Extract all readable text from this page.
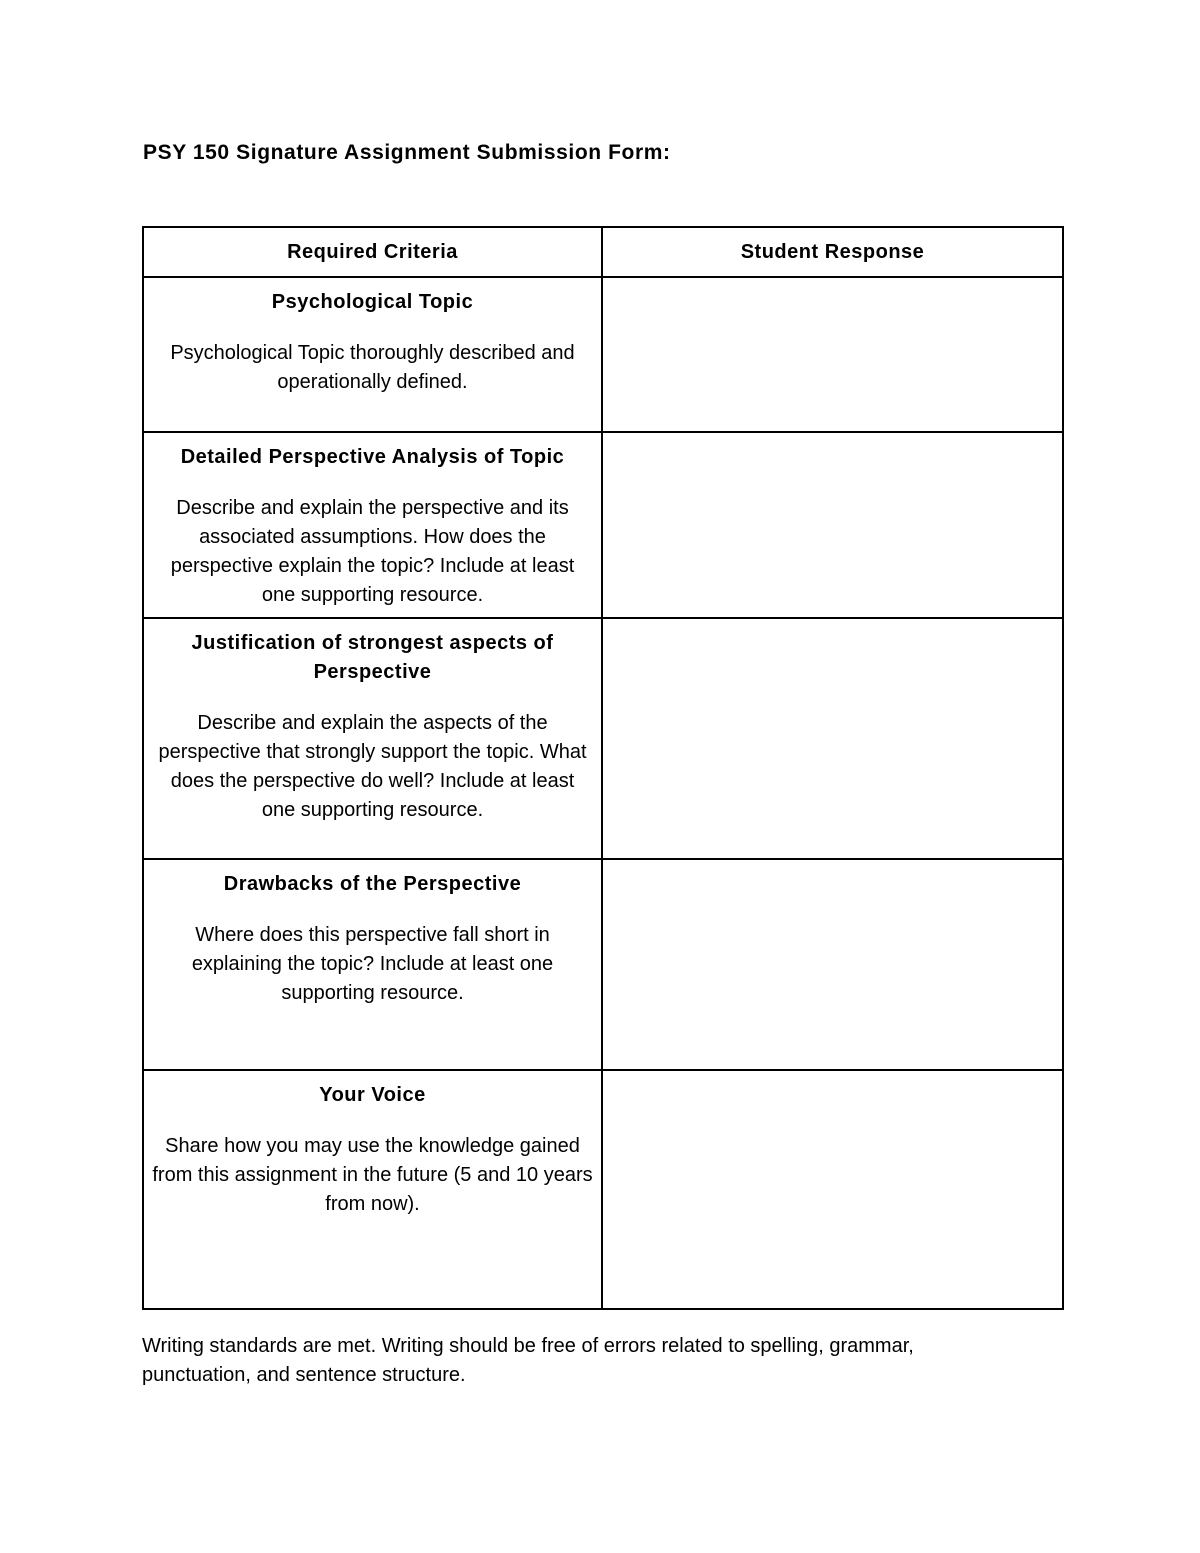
PSY 150 Signature Assignment Submission Form:
Required Criteria	Student Response

Psychological Topic
Psychological Topic thoroughly described and operationally defined.	

Detailed Perspective Analysis of Topic
Describe and explain the perspective and its associated assumptions. How does the perspective explain the topic? Include at least one supporting resource.	

Justification of strongest aspects of Perspective
Describe and explain the aspects of the perspective that strongly support the topic. What does the perspective do well? Include at least one supporting resource.	

Drawbacks of the Perspective
Where does this perspective fall short in explaining the topic? Include at least one supporting resource.	

Your Voice
Share how you may use the knowledge gained from this assignment in the future (5 and 10 years from now).	

Writing standards are met. Writing should be free of errors related to spelling, grammar, punctuation, and sentence structure.
